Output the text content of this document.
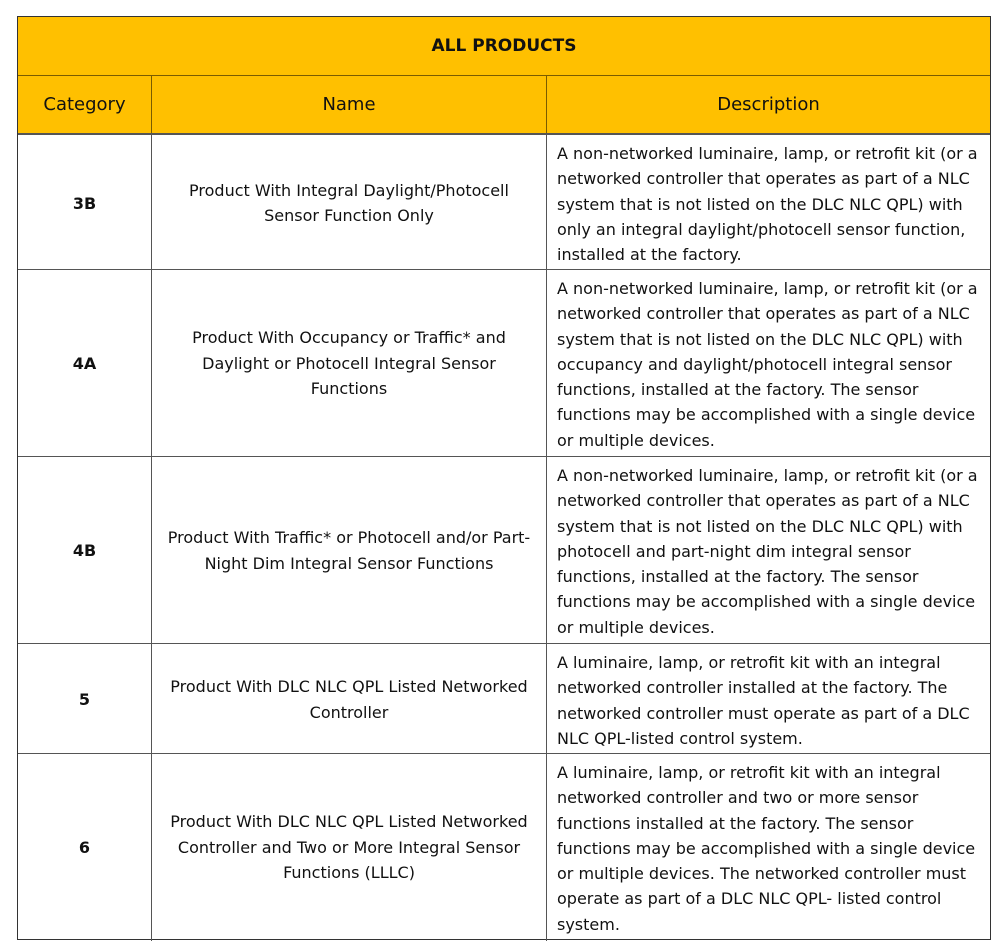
ALL PRODUCTS
Category	Name	Description
3B
Product With Integral Daylight/Photocell Sensor Function Only
A non-networked luminaire, lamp, or retrofit kit (or a networked controller that operates as part of a NLC system that is not listed on the DLC NLC QPL) with only an integral daylight/photocell sensor function, installed at the factory.
4A
Product With Occupancy or Traffic* and Daylight or Photocell Integral Sensor Functions
A non-networked luminaire, lamp, or retrofit kit (or a networked controller that operates as part of a NLC system that is not listed on the DLC NLC QPL) with occupancy and daylight/photocell integral sensor functions, installed at the factory. The sensor functions may be accomplished with a single device or multiple devices.
4B
Product With Traffic* or Photocell and/or Part-Night Dim Integral Sensor Functions
A non-networked luminaire, lamp, or retrofit kit (or a networked controller that operates as part of a NLC system that is not listed on the DLC NLC QPL) with photocell and part-night dim integral sensor functions, installed at the factory. The sensor functions may be accomplished with a single device or multiple devices.
5
Product With DLC NLC QPL Listed Networked Controller
A luminaire, lamp, or retrofit kit with an integral networked controller installed at the factory. The networked controller must operate as part of a DLC NLC QPL-listed control system.
6
Product With DLC NLC QPL Listed Networked Controller and Two or More Integral Sensor Functions (LLLC)
A luminaire, lamp, or retrofit kit with an integral networked controller and two or more sensor functions installed at the factory. The sensor functions may be accomplished with a single device or multiple devices. The networked controller must operate as part of a DLC NLC QPL- listed control system.
